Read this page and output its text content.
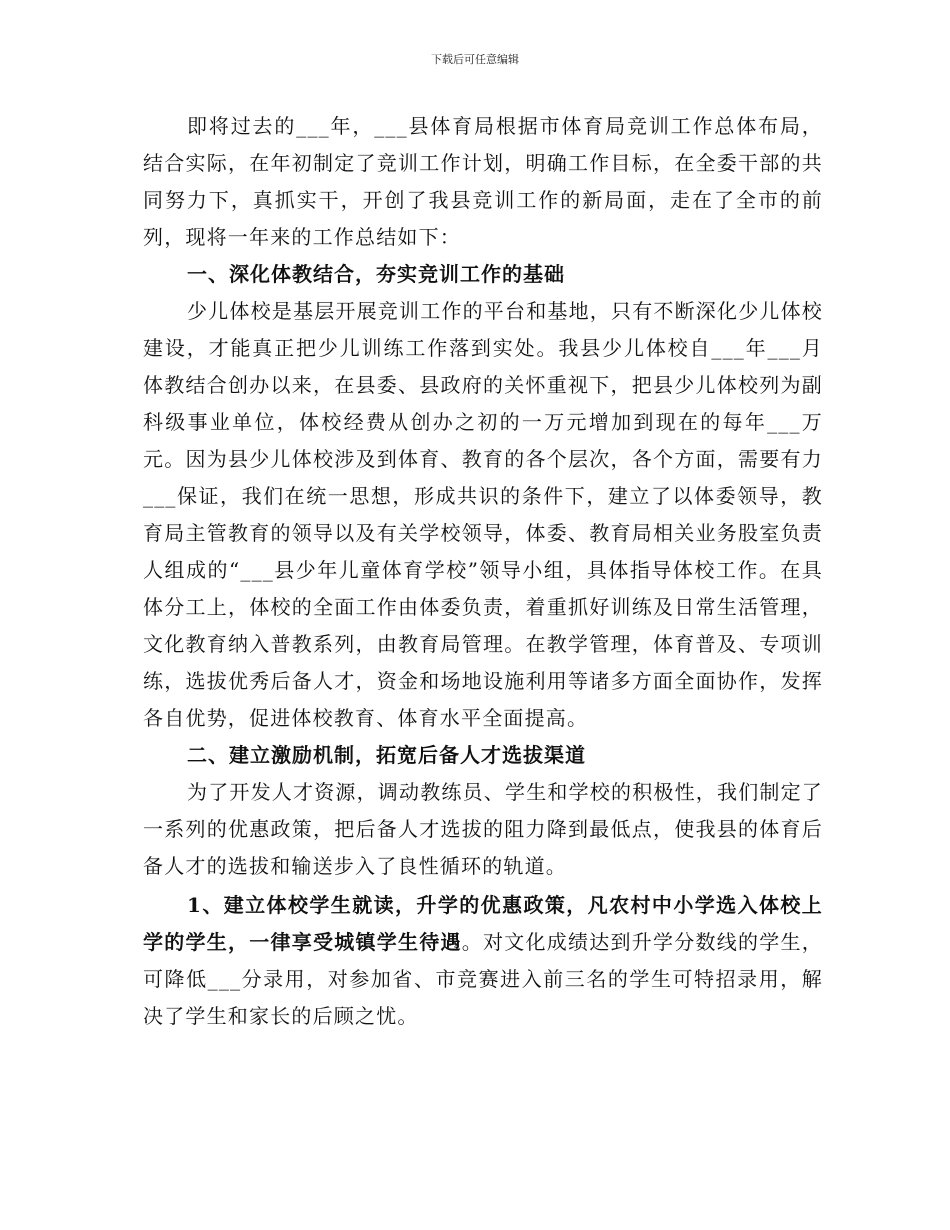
下载后可任意编辑

即将过去的___年，___县体育局根据市体育局竞训工作总体布局，结合实际，在年初制定了竞训工作计划，明确工作目标，在全委干部的共同努力下，真抓实干，开创了我县竞训工作的新局面，走在了全市的前列，现将一年来的工作总结如下：

一、深化体教结合，夯实竞训工作的基础

少儿体校是基层开展竞训工作的平台和基地，只有不断深化少儿体校建设，才能真正把少儿训练工作落到实处。我县少儿体校自___年___月体教结合创办以来，在县委、县政府的关怀重视下，把县少儿体校列为副科级事业单位，体校经费从创办之初的一万元增加到现在的每年___万元。因为县少儿体校涉及到体育、教育的各个层次，各个方面，需要有力___保证，我们在统一思想，形成共识的条件下，建立了以体委领导，教育局主管教育的领导以及有关学校领导，体委、教育局相关业务股室负责人组成的“___县少年儿童体育学校”领导小组，具体指导体校工作。在具体分工上，体校的全面工作由体委负责，着重抓好训练及日常生活管理，文化教育纳入普教系列，由教育局管理。在教学管理，体育普及、专项训练，选拔优秀后备人才，资金和场地设施利用等诸多方面全面协作，发挥各自优势，促进体校教育、体育水平全面提高。

二、建立激励机制，拓宽后备人才选拔渠道

为了开发人才资源，调动教练员、学生和学校的积极性，我们制定了一系列的优惠政策，把后备人才选拔的阻力降到最低点，使我县的体育后备人才的选拔和输送步入了良性循环的轨道。

1、建立体校学生就读，升学的优惠政策，凡农村中小学选入体校上学的学生，一律享受城镇学生待遇。对文化成绩达到升学分数线的学生，可降低___分录用，对参加省、市竞赛进入前三名的学生可特招录用，解决了学生和家长的后顾之忧。
